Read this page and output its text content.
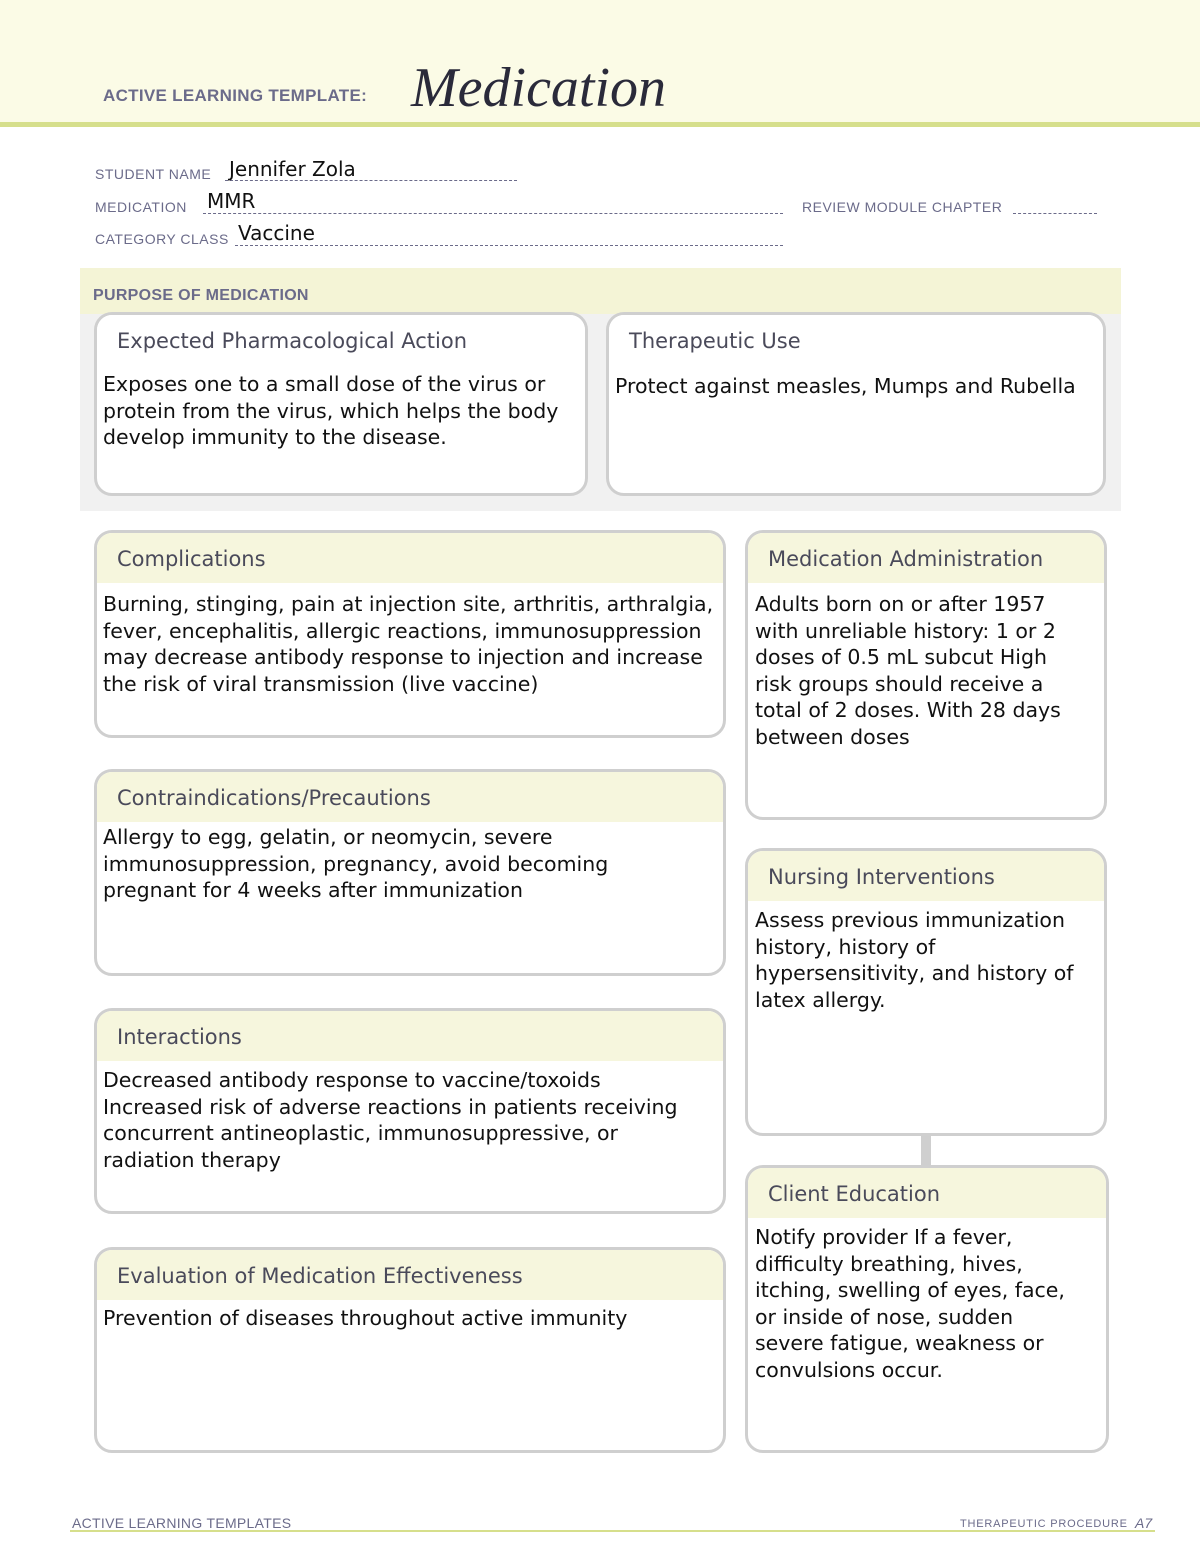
ACTIVE LEARNING TEMPLATE: Medication
STUDENT NAME Jennifer Zola
MEDICATION MMR	REVIEW MODULE CHAPTER
CATEGORY CLASS Vaccine
PURPOSE OF MEDICATION
Expected Pharmacological Action
Exposes one to a small dose of the virus or
protein from the virus, which helps the body
develop immunity to the disease.
Therapeutic Use
Protect against measles, Mumps and Rubella
Complications
Burning, stinging, pain at injection site, arthritis, arthralgia,
fever, encephalitis, allergic reactions, immunosuppression
may decrease antibody response to injection and increase
the risk of viral transmission (live vaccine)
Contraindications/Precautions
Allergy to egg, gelatin, or neomycin, severe
immunosuppression, pregnancy, avoid becoming
pregnant for 4 weeks after immunization
Interactions
Decreased antibody response to vaccine/toxoids
Increased risk of adverse reactions in patients receiving
concurrent antineoplastic, immunosuppressive, or
radiation therapy
Evaluation of Medication Effectiveness
Prevention of diseases throughout active immunity
Medication Administration
Adults born on or after 1957
with unreliable history: 1 or 2
doses of 0.5 mL subcut High
risk groups should receive a
total of 2 doses. With 28 days
between doses
Nursing Interventions
Assess previous immunization
history, history of
hypersensitivity, and history of
latex allergy.
Client Education
Notify provider If a fever,
difficulty breathing, hives,
itching, swelling of eyes, face,
or inside of nose, sudden
severe fatigue, weakness or
convulsions occur.
ACTIVE LEARNING TEMPLATES	THERAPEUTIC PROCEDURE A7
